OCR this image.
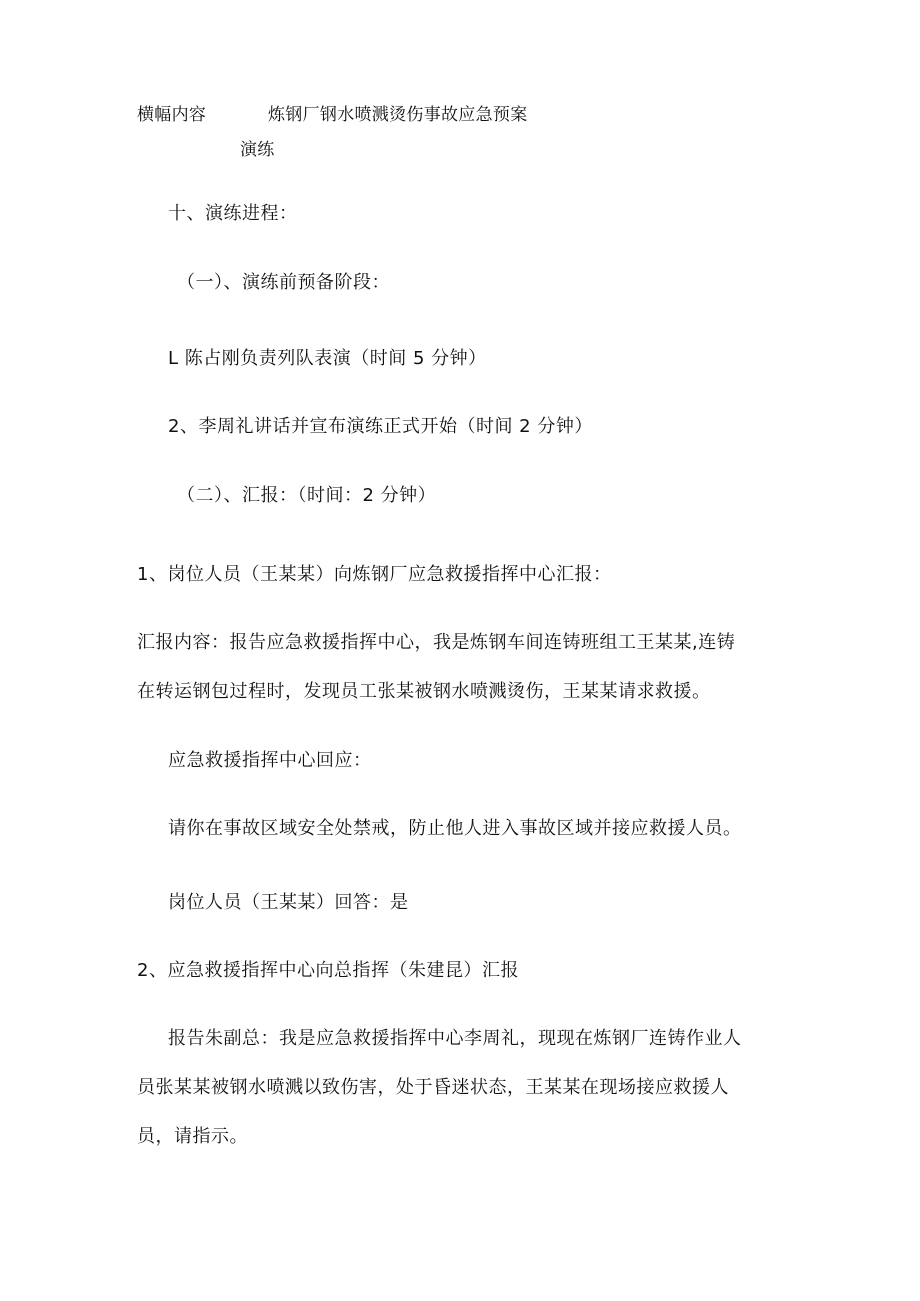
横幅内容	炼钢厂钢水喷溅烫伤事故应急预案
演练
十、演练进程：
（一）、演练前预备阶段：
L 陈占刚负责列队表演（时间 5 分钟）
2、李周礼讲话并宣布演练正式开始（时间 2 分钟）
（二）、汇报：（时间：2 分钟）
1、岗位人员（王某某）向炼钢厂应急救援指挥中心汇报：
汇报内容：报告应急救援指挥中心，我是炼钢车间连铸班组工王某某,连铸
在转运钢包过程时，发现员工张某被钢水喷溅烫伤，王某某请求救援。
应急救援指挥中心回应：
请你在事故区域安全处禁戒，防止他人进入事故区域并接应救援人员。
岗位人员（王某某）回答：是
2、应急救援指挥中心向总指挥（朱建昆）汇报
报告朱副总：我是应急救援指挥中心李周礼，现现在炼钢厂连铸作业人
员张某某被钢水喷溅以致伤害，处于昏迷状态，王某某在现场接应救援人
员，请指示。
